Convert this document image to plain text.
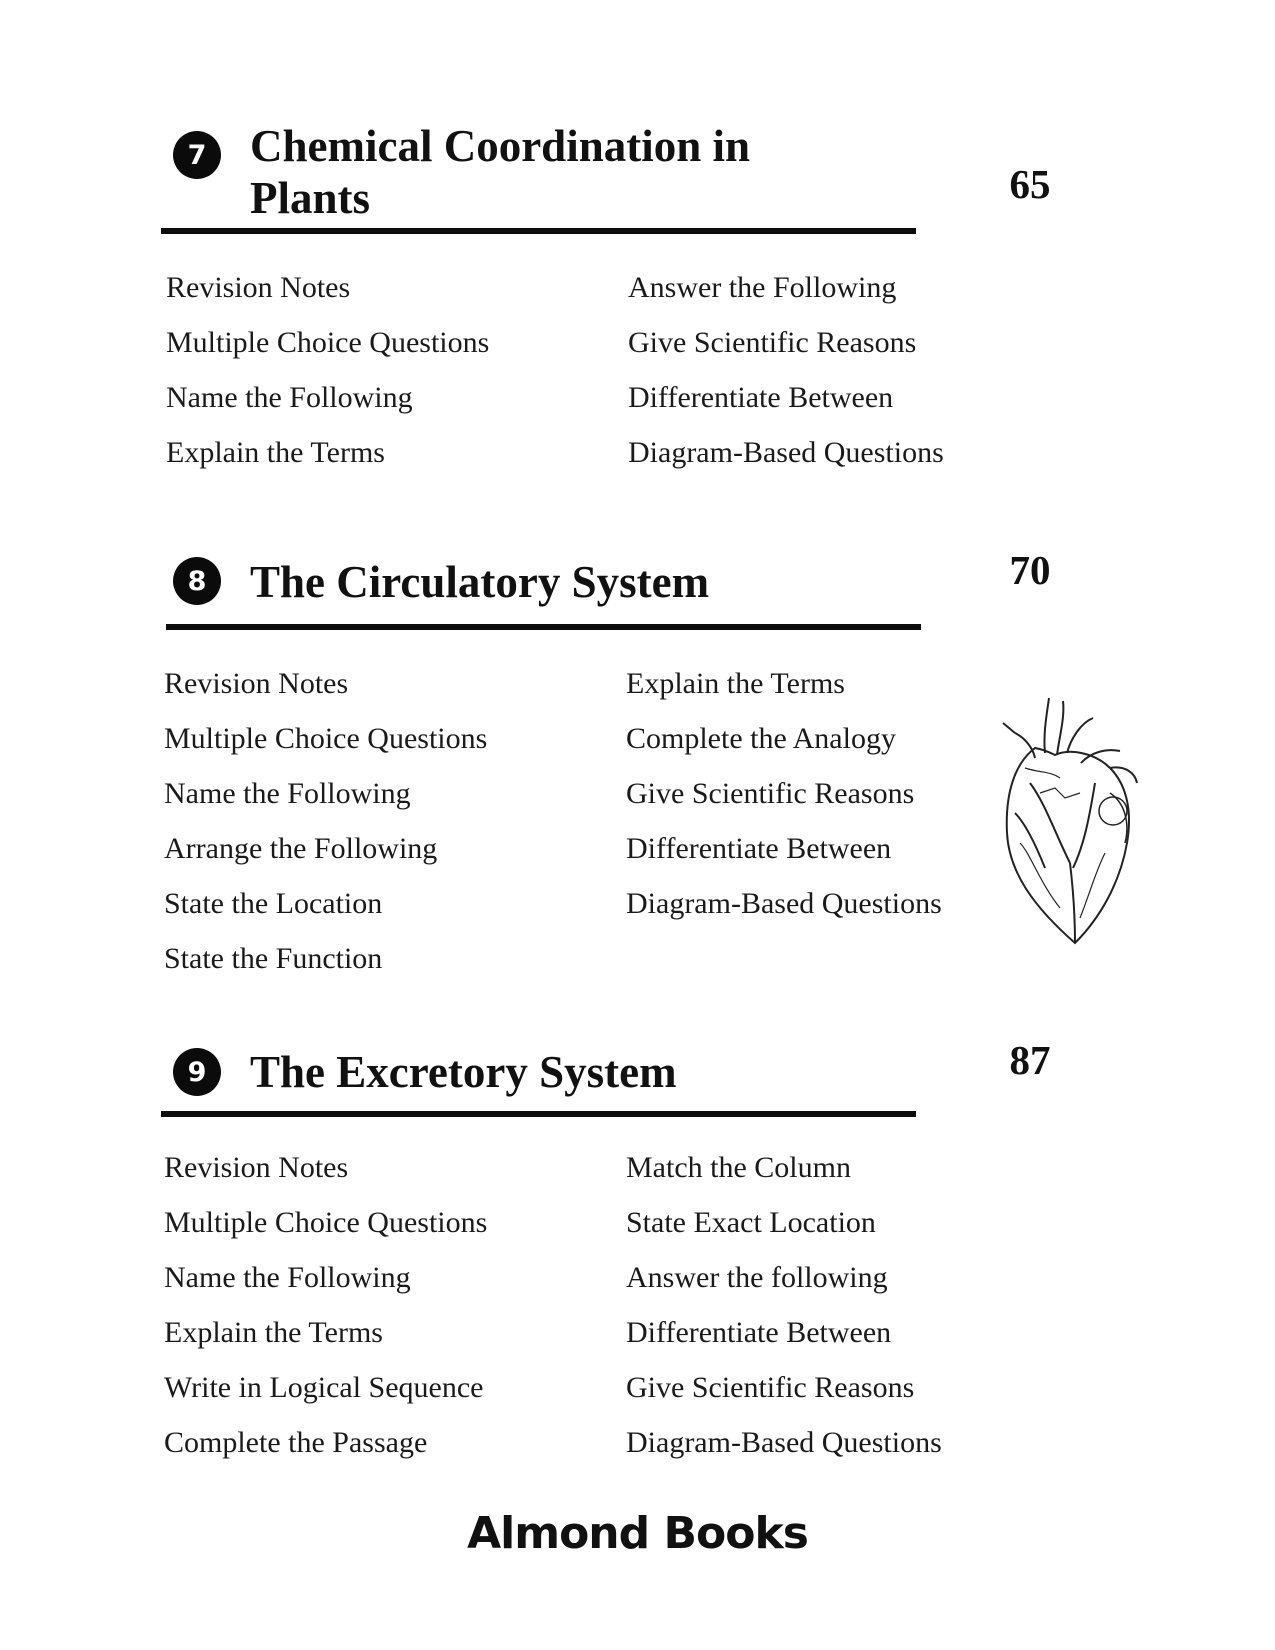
7 Chemical Coordination in Plants	65
Revision Notes
Multiple Choice Questions
Name the Following
Explain the Terms
Answer the Following
Give Scientific Reasons
Differentiate Between
Diagram-Based Questions
8 The Circulatory System	70
Revision Notes
Multiple Choice Questions
Name the Following
Arrange the Following
State the Location
State the Function
Explain the Terms
Complete the Analogy
Give Scientific Reasons
Differentiate Between
Diagram-Based Questions
9 The Excretory System	87
Revision Notes
Multiple Choice Questions
Name the Following
Explain the Terms
Write in Logical Sequence
Complete the Passage
Match the Column
State Exact Location
Answer the following
Differentiate Between
Give Scientific Reasons
Diagram-Based Questions
Almond Books
